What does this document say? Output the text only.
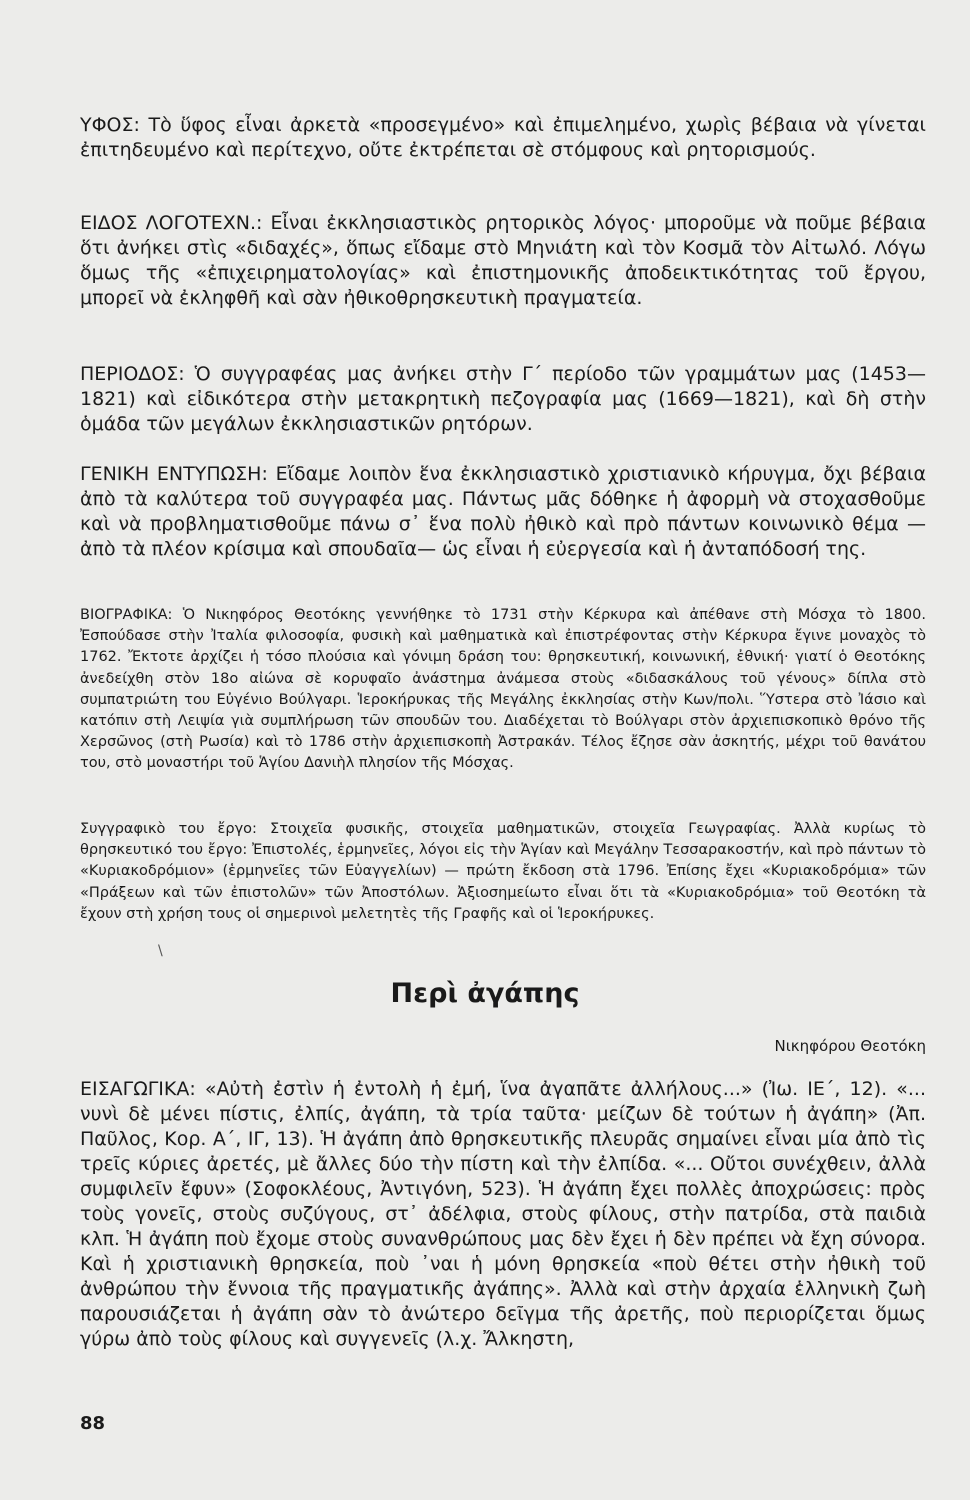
ΥΦΟΣ: Τὸ ὕφος εἶναι ἀρκετὰ «προσεγμένο» καὶ ἐπιμελημένο, χωρὶς βέβαια νὰ γίνεται ἐπιτηδευμένο καὶ περίτεχνο, οὔτε ἐκτρέπεται σὲ στόμφους καὶ ρητορισμούς.

ΕΙΔΟΣ ΛΟΓΟΤΕΧΝ.: Εἶναι ἐκκλησιαστικὸς ρητορικὸς λόγος· μποροῦμε νὰ ποῦμε βέβαια ὅτι ἀνήκει στὶς «διδαχές», ὅπως εἴδαμε στὸ Μηνιάτη καὶ τὸν Κοσμᾶ τὸν Αἰτωλό. Λόγω ὅμως τῆς «ἐπιχειρηματολογίας» καὶ ἐπιστημονικῆς ἀποδεικτικότητας τοῦ ἔργου, μπορεῖ νὰ ἐκληφθῆ καὶ σὰν ἠθικοθρησκευτικὴ πραγματεία.

ΠΕΡΙΟΔΟΣ: Ὁ συγγραφέας μας ἀνήκει στὴν Γ΄ περίοδο τῶν γραμμάτων μας (1453—1821) καὶ εἰδικότερα στὴν μετακρητικὴ πεζογραφία μας (1669—1821), καὶ δὴ στὴν ὁμάδα τῶν μεγάλων ἐκκλησιαστικῶν ρητόρων.

ΓΕΝΙΚΗ ΕΝΤΥΠΩΣΗ: Εἴδαμε λοιπὸν ἕνα ἐκκλησιαστικὸ χριστιανικὸ κήρυγμα, ὄχι βέβαια ἀπὸ τὰ καλύτερα τοῦ συγγραφέα μας. Πάντως μᾶς δόθηκε ἡ ἀφορμὴ νὰ στοχασθοῦμε καὶ νὰ προβληματισθοῦμε πάνω σ᾽ ἕνα πολὺ ἠθικὸ καὶ πρὸ πάντων κοινωνικὸ θέμα —ἀπὸ τὰ πλέον κρίσιμα καὶ σπουδαῖα— ὡς εἶναι ἡ εὐεργεσία καὶ ἡ ἀνταπόδοσή της.

ΒΙΟΓΡΑΦΙΚΑ: Ὁ Νικηφόρος Θεοτόκης γεννήθηκε τὸ 1731 στὴν Κέρκυρα καὶ ἀπέθανε στὴ Μόσχα τὸ 1800. Ἐσπούδασε στὴν Ἰταλία φιλοσοφία, φυσικὴ καὶ μαθηματικὰ καὶ ἐπιστρέφοντας στὴν Κέρκυρα ἔγινε μοναχὸς τὸ 1762. Ἔκτοτε ἀρχίζει ἡ τόσο πλούσια καὶ γόνιμη δράση του: θρησκευτική, κοινωνική, ἐθνική· γιατί ὁ Θεοτόκης ἀνεδείχθη στὸν 18ο αἰώνα σὲ κορυφαῖο ἀνάστημα ἀνάμεσα στοὺς «διδασκάλους τοῦ γένους» δίπλα στὸ συμπατριώτη του Εὐγένιο Βούλγαρι. Ἱεροκήρυκας τῆς Μεγάλης ἐκκλησίας στὴν Κων/πολι. Ὕστερα στὸ Ἰάσιο καὶ κατόπιν στὴ Λειψία γιὰ συμπλήρωση τῶν σπουδῶν του. Διαδέχεται τὸ Βούλγαρι στὸν ἀρχιεπισκοπικὸ θρόνο τῆς Χερσῶνος (στὴ Ρωσία) καὶ τὸ 1786 στὴν ἀρχιεπισκοπὴ Ἀστρακάν. Τέλος ἔζησε σὰν ἀσκητής, μέχρι τοῦ θανάτου του, στὸ μοναστήρι τοῦ Ἁγίου Δανιὴλ πλησίον τῆς Μόσχας.

Συγγραφικὸ του ἔργο: Στοιχεῖα φυσικῆς, στοιχεῖα μαθηματικῶν, στοιχεῖα Γεωγραφίας. Ἀλλὰ κυρίως τὸ θρησκευτικό του ἔργο: Ἐπιστολές, ἑρμηνεῖες, λόγοι εἰς τὴν Ἁγίαν καὶ Μεγάλην Τεσσαρακοστήν, καὶ πρὸ πάντων τὸ «Κυριακοδρόμιον» (ἑρμηνεῖες τῶν Εὐαγγελίων) — πρώτη ἔκδοση στὰ 1796. Ἐπίσης ἔχει «Κυριακοδρόμια» τῶν «Πράξεων καὶ τῶν ἐπιστολῶν» τῶν Ἀποστόλων. Ἀξιοσημείωτο εἶναι ὅτι τὰ «Κυριακοδρόμια» τοῦ Θεοτόκη τὰ ἔχουν στὴ χρήση τους οἱ σημερινοὶ μελετητὲς τῆς Γραφῆς καὶ οἱ Ἱεροκήρυκες.

\

Περὶ ἀγάπης

Νικηφόρου Θεοτόκη

ΕΙΣΑΓΩΓΙΚΑ: «Αὐτὴ ἐστὶν ἡ ἐντολὴ ἡ ἐμή, ἵνα ἀγαπᾶτε ἀλλήλους...» (Ἰω. ΙΕ΄, 12). «... νυνὶ δὲ μένει πίστις, ἐλπίς, ἀγάπη, τὰ τρία ταῦτα· μείζων δὲ τούτων ἡ ἀγάπη» (Ἀπ. Παῦλος, Κορ. Α΄, ΙΓ, 13). Ἡ ἀγάπη ἀπὸ θρησκευτικῆς πλευρᾶς σημαίνει εἶναι μία ἀπὸ τὶς τρεῖς κύριες ἀρετές, μὲ ἄλλες δύο τὴν πίστη καὶ τὴν ἐλπίδα. «... Οὔτοι συνέχθειν, ἀλλὰ συμφιλεῖν ἔφυν» (Σοφοκλέους, Ἀντιγόνη, 523). Ἡ ἀγάπη ἔχει πολλὲς ἀποχρώσεις: πρὸς τοὺς γονεῖς, στοὺς συζύγους, στ᾽ ἀδέλφια, στοὺς φίλους, στὴν πατρίδα, στὰ παιδιὰ κλπ. Ἡ ἀγάπη ποὺ ἔχομε στοὺς συνανθρώπους μας δὲν ἔχει ἡ δὲν πρέπει νὰ ἔχη σύνορα. Καὶ ἡ χριστιανικὴ θρησκεία, ποὺ ᾽ναι ἡ μόνη θρησκεία «ποὺ θέτει στὴν ἠθικὴ τοῦ ἀνθρώπου τὴν ἔννοια τῆς πραγματικῆς ἀγάπης». Ἀλλὰ καὶ στὴν ἀρχαία ἑλληνικὴ ζωὴ παρουσιάζεται ἡ ἀγάπη σὰν τὸ ἀνώτερο δεῖγμα τῆς ἀρετῆς, ποὺ περιορίζεται ὅμως γύρω ἀπὸ τοὺς φίλους καὶ συγγενεῖς (λ.χ. Ἄλκηστη,

88
